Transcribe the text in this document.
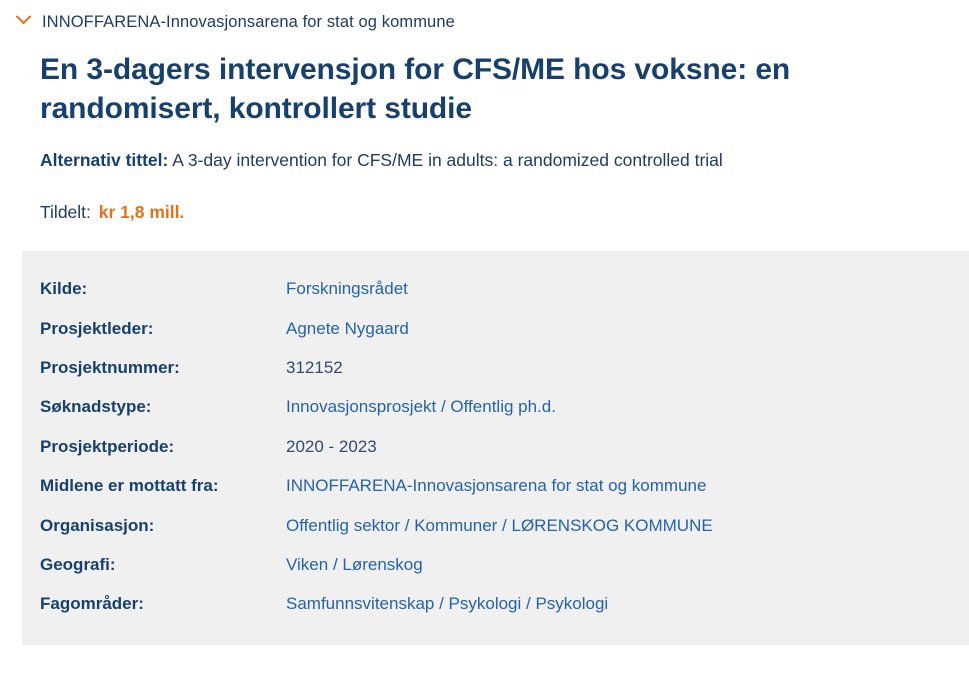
INNOFFARENA-Innovasjonsarena for stat og kommune
En 3-dagers intervensjon for CFS/ME hos voksne: en randomisert, kontrollert studie
Alternativ tittel: A 3-day intervention for CFS/ME in adults: a randomized controlled trial
Tildelt: kr 1,8 mill.
Kilde:	Forskningsrådet
Prosjektleder:	Agnete Nygaard
Prosjektnummer:	312152
Søknadstype:	Innovasjonsprosjekt / Offentlig ph.d.
Prosjektperiode:	2020 - 2023
Midlene er mottatt fra:	INNOFFARENA-Innovasjonsarena for stat og kommune
Organisasjon:	Offentlig sektor / Kommuner / LØRENSKOG KOMMUNE
Geografi:	Viken / Lørenskog
Fagområder:	Samfunnsvitenskap / Psykologi / Psykologi
